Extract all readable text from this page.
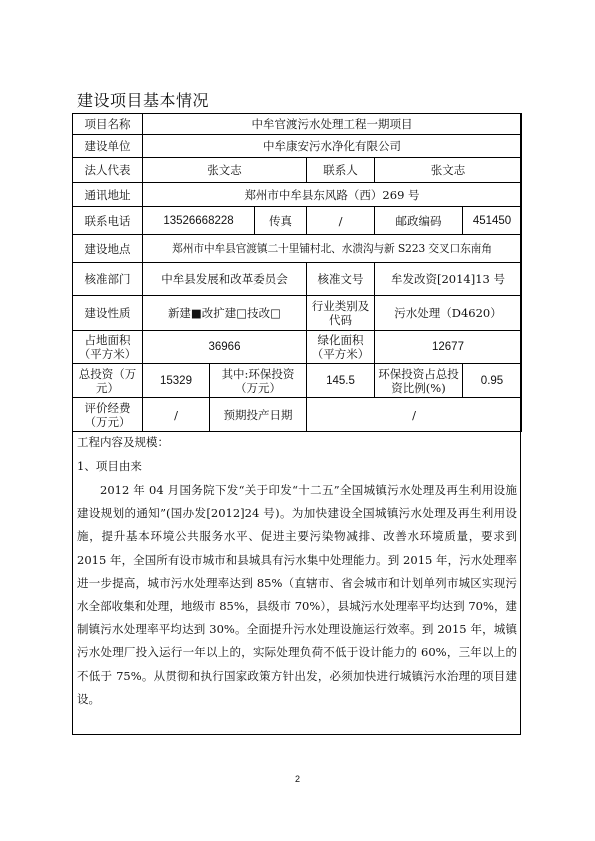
建设项目基本情况
项目名称	中牟官渡污水处理工程一期项目					
建设单位	中牟康安污水净化有限公司					
法人代表	张文志			联系人	张文志	
通讯地址	郑州市中牟县东风路（西）269 号					
联系电话	13526668228		传真	/	邮政编码	451450
建设地点	郑州市中牟县官渡镇二十里铺村北、水溃沟与新 S223 交叉口东南角					
核准部门	中牟县发展和改革委员会			核准文号	牟发改资[2014]13 号	
建设性质	新建■改扩建□技改□			行业类别及代码	污水处理（D4620）	
占地面积（平方米）	36966			绿化面积（平方米）	12677	
总投资（万元）	15329	其中:环保投资（万元）		145.5	环保投资占总投资比例(%)	0.95
评价经费（万元）	/	预期投产日期		/		
工程内容及规模：
1、项目由来
2012 年 04 月国务院下发“关于印发“十二五”全国城镇污水处理及再生利用设施建设规划的通知”(国办发[2012]24 号)。为加快建设全国城镇污水处理及再生利用设施，提升基本环境公共服务水平、促进主要污染物减排、改善水环境质量，要求到 2015 年，全国所有设市城市和县城具有污水集中处理能力。到 2015 年，污水处理率进一步提高，城市污水处理率达到 85%（直辖市、省会城市和计划单列市城区实现污水全部收集和处理，地级市 85%，县级市 70%），县城污水处理率平均达到 70%，建制镇污水处理率平均达到 30%。全面提升污水处理设施运行效率。到 2015 年，城镇污水处理厂投入运行一年以上的，实际处理负荷不低于设计能力的 60%，三年以上的不低于 75%。从贯彻和执行国家政策方针出发，必须加快进行城镇污水治理的项目建设。
2
